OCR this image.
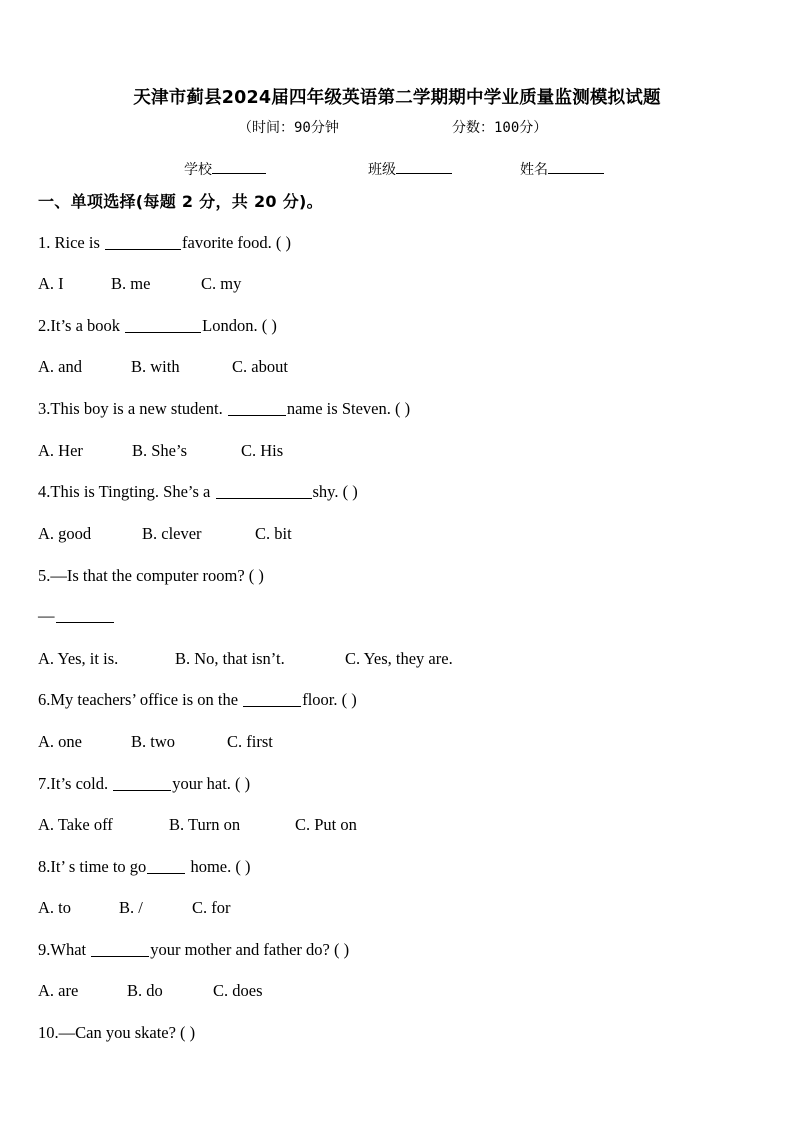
天津市蓟县2024届四年级英语第二学期期中学业质量监测模拟试题
（时间：90分钟	分数：100分）
学校	班级	姓名
一、单项选择(每题 2 分，共 20 分)。
1. Rice is	favorite food. ( )
A. I	B. me	C. my
2.It’s a book	London. ( )
A. and	B. with	C. about
3.This boy is a new student.	name is Steven. ( )
A. Her	B. She’s	C. His
4.This is Tingting. She’s a	shy. ( )
A. good	B. clever	C. bit
5.—Is that the computer room? ( )
—
A. Yes, it is.	B. No, that isn’t.	C. Yes, they are.
6.My teachers’ office is on the	floor. ( )
A. one	B. two	C. first
7.It’s cold.	your hat. ( )
A. Take off	B. Turn on	C. Put on
8.It’ s time to go home. ( )
A. to	B. /	C. for
9.What	your mother and father do? ( )
A. are	B. do	C. does
10.—Can you skate? ( )
